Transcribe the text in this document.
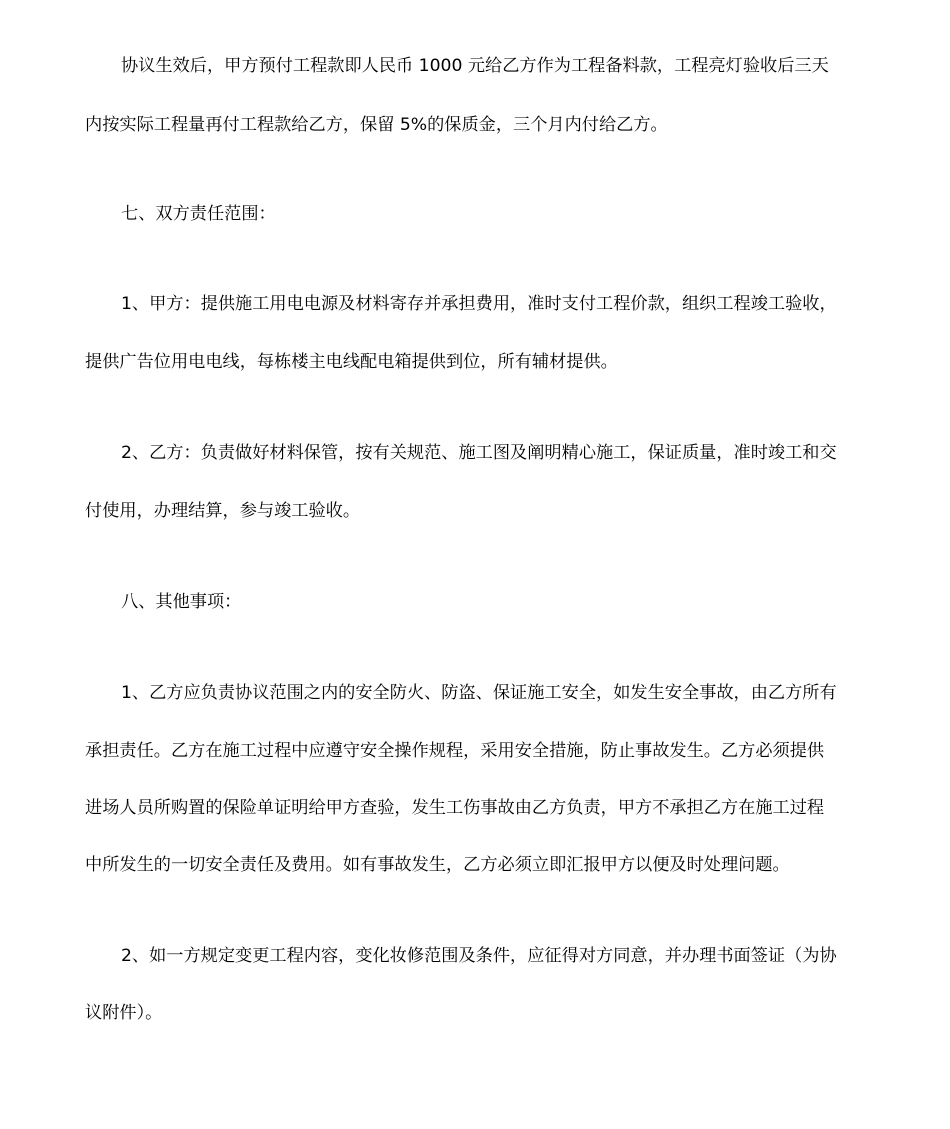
协议生效后，甲方预付工程款即人民币 1000 元给乙方作为工程备料款，工程亮灯验收后三天
内按实际工程量再付工程款给乙方，保留 5%的保质金，三个月内付给乙方。
七、双方责任范围：
1、甲方：提供施工用电电源及材料寄存并承担费用，准时支付工程价款，组织工程竣工验收，
提供广告位用电电线，每栋楼主电线配电箱提供到位，所有辅材提供。
2、乙方：负责做好材料保管，按有关规范、施工图及阐明精心施工，保证质量，准时竣工和交
付使用，办理结算，参与竣工验收。
八、其他事项：
1、乙方应负责协议范围之内的安全防火、防盗、保证施工安全，如发生安全事故，由乙方所有
承担责任。乙方在施工过程中应遵守安全操作规程，采用安全措施，防止事故发生。乙方必须提供
进场人员所购置的保险单证明给甲方查验，发生工伤事故由乙方负责，甲方不承担乙方在施工过程
中所发生的一切安全责任及费用。如有事故发生，乙方必须立即汇报甲方以便及时处理问题。
2、如一方规定变更工程内容，变化妆修范围及条件，应征得对方同意，并办理书面签证（为协
议附件）。
